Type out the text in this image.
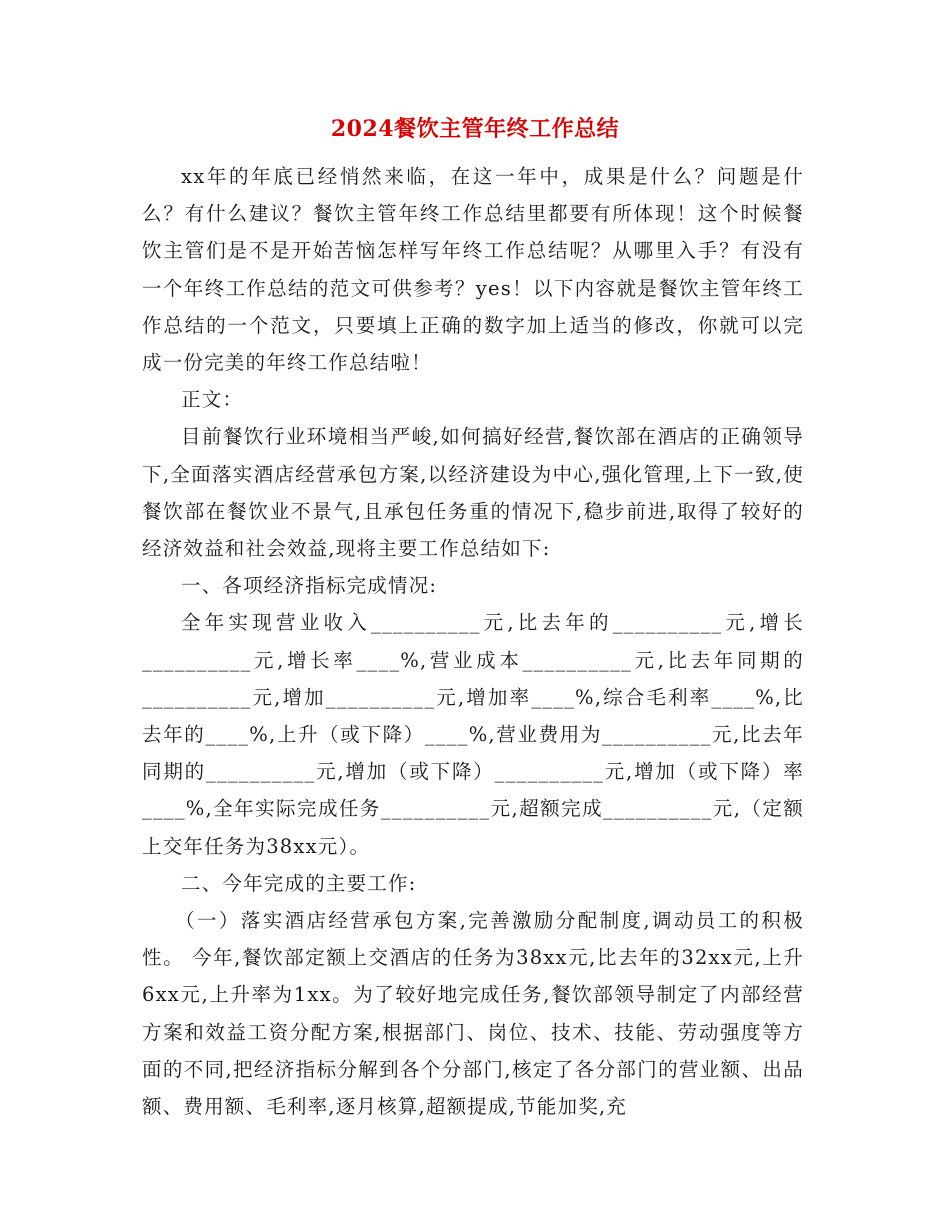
2024餐饮主管年终工作总结

xx年的年底已经悄然来临，在这一年中，成果是什么？问题是什么？有什么建议？餐饮主管年终工作总结里都要有所体现！这个时候餐饮主管们是不是开始苦恼怎样写年终工作总结呢？从哪里入手？有没有一个年终工作总结的范文可供参考？yes！以下内容就是餐饮主管年终工作总结的一个范文，只要填上正确的数字加上适当的修改，你就可以完成一份完美的年终工作总结啦！

正文：

目前餐饮行业环境相当严峻,如何搞好经营,餐饮部在酒店的正确领导下,全面落实酒店经营承包方案,以经济建设为中心,强化管理,上下一致,使餐饮部在餐饮业不景气,且承包任务重的情况下,稳步前进,取得了较好的经济效益和社会效益,现将主要工作总结如下:

一、各项经济指标完成情况:

全年实现营业收入__________元,比去年的__________元,增长__________元,增长率____%,营业成本__________元,比去年同期的__________元,增加__________元,增加率____%,综合毛利率____%,比去年的____%,上升（或下降）____%,营业费用为__________元,比去年同期的__________元,增加（或下降）__________元,增加（或下降）率____%,全年实际完成任务__________元,超额完成__________元,（定额上交年任务为38xx元）。

二、今年完成的主要工作:

（一）落实酒店经营承包方案,完善激励分配制度,调动员工的积极性。 今年,餐饮部定额上交酒店的任务为38xx元,比去年的32xx元,上升6xx元,上升率为1xx。为了较好地完成任务,餐饮部领导制定了内部经营方案和效益工资分配方案,根据部门、岗位、技术、技能、劳动强度等方面的不同,把经济指标分解到各个分部门,核定了各分部门的营业额、出品额、费用额、毛利率,逐月核算,超额提成,节能加奖,充
